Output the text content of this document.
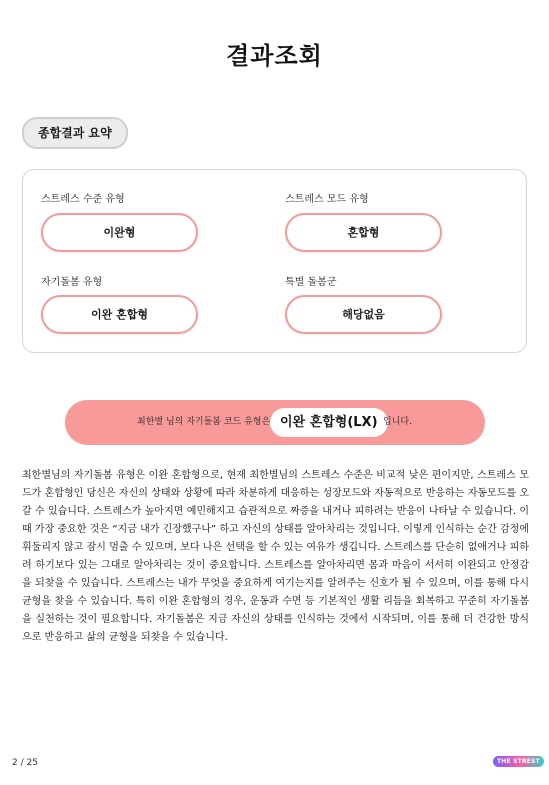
결과조회
종합결과 요약
스트레스 수준 유형
이완형
스트레스 모드 유형
혼합형
자기돌봄 유형
이완 혼합형
특별 돌봄군
해당없음
최한별 님의 자기돌봄 코드 유형은 이완 혼합형(LX) 입니다.
최한별님의 자기돌봄 유형은 이완 혼합형으로, 현재 최한별님의 스트레스 수준은 비교적 낮은 편이지만, 스트레스 모드가 혼합형인 당신은 자신의 상태와 상황에 따라 차분하게 대응하는 성장모드와 자동적으로 반응하는 자동모드를 오갈 수 있습니다. 스트레스가 높아지면 예민해지고 습관적으로 짜증을 내거나 피하려는 반응이 나타날 수 있습니다. 이때 가장 중요한 것은 “지금 내가 긴장했구나” 하고 자신의 상태를 알아차리는 것입니다. 이렇게 인식하는 순간 감정에 휘둘리지 않고 잠시 멈출 수 있으며, 보다 나은 선택을 할 수 있는 여유가 생깁니다. 스트레스를 단순히 없애거나 피하려 하기보다 있는 그대로 알아차리는 것이 중요합니다. 스트레스를 알아차리면 몸과 마음이 서서히 이완되고 안정감을 되찾을 수 있습니다. 스트레스는 내가 무엇을 중요하게 여기는지를 알려주는 신호가 될 수 있으며, 이를 통해 다시 균형을 찾을 수 있습니다. 특히 이완 혼합형의 경우, 운동과 수면 등 기본적인 생활 리듬을 회복하고 꾸준히 자기돌봄을 실천하는 것이 필요합니다. 자기돌봄은 지금 자신의 상태를 인식하는 것에서 시작되며, 이를 통해 더 건강한 방식으로 반응하고 삶의 균형을 되찾을 수 있습니다.
2 / 25	THE STREST
